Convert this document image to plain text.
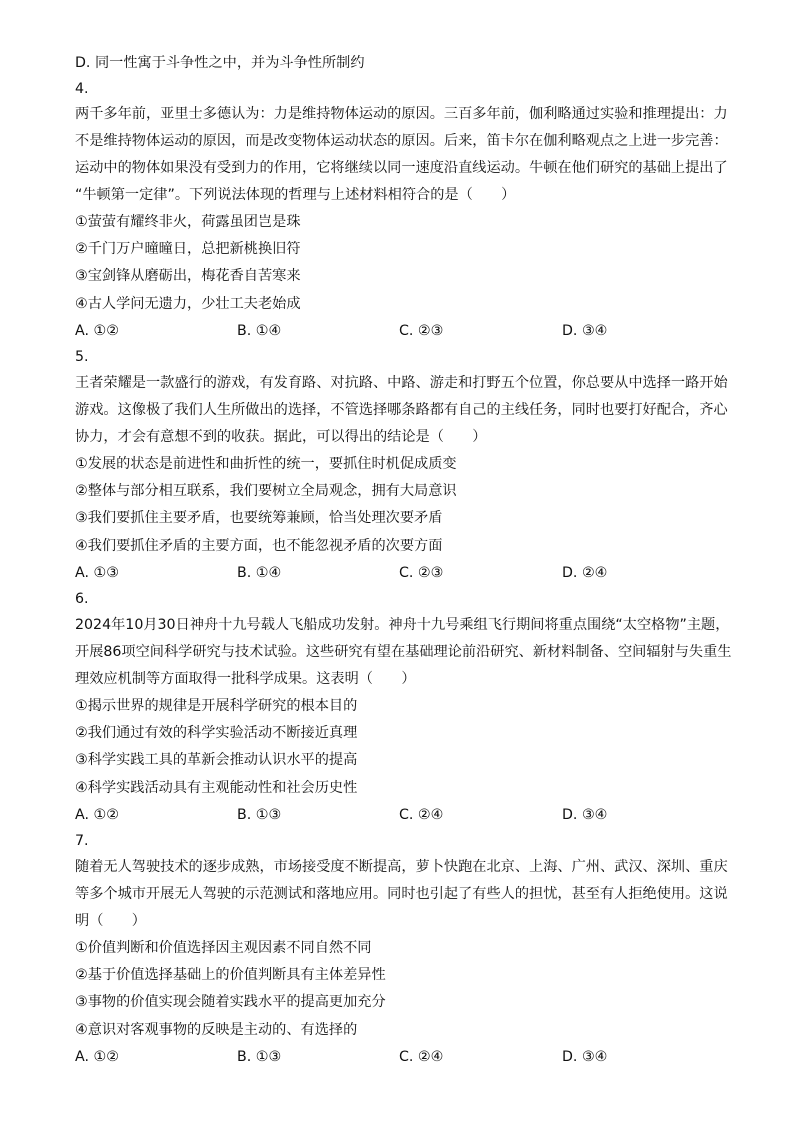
D. 同一性寓于斗争性之中，并为斗争性所制约
4.
两千多年前，亚里士多德认为：力是维持物体运动的原因。三百多年前，伽利略通过实验和推理提出：力
不是维持物体运动的原因，而是改变物体运动状态的原因。后来，笛卡尔在伽利略观点之上进一步完善：
运动中的物体如果没有受到力的作用，它将继续以同一速度沿直线运动。牛顿在他们研究的基础上提出了
“牛顿第一定律”。下列说法体现的哲理与上述材料相符合的是（　　）
①萤萤有耀终非火，荷露虽团岂是珠
②千门万户曈曈日，总把新桃换旧符
③宝剑锋从磨砺出，梅花香自苦寒来
④古人学问无遗力，少壮工夫老始成
A. ①②	B. ①④	C. ②③	D. ③④
5.
王者荣耀是一款盛行的游戏，有发育路、对抗路、中路、游走和打野五个位置，你总要从中选择一路开始
游戏。这像极了我们人生所做出的选择，不管选择哪条路都有自己的主线任务，同时也要打好配合，齐心
协力，才会有意想不到的收获。据此，可以得出的结论是（　　）
①发展的状态是前进性和曲折性的统一，要抓住时机促成质变
②整体与部分相互联系，我们要树立全局观念，拥有大局意识
③我们要抓住主要矛盾，也要统筹兼顾，恰当处理次要矛盾
④我们要抓住矛盾的主要方面，也不能忽视矛盾的次要方面
A. ①③	B. ①④	C. ②③	D. ②④
6.
2024年10月30日神舟十九号载人飞船成功发射。神舟十九号乘组飞行期间将重点围绕“太空格物”主题，
开展86项空间科学研究与技术试验。这些研究有望在基础理论前沿研究、新材料制备、空间辐射与失重生
理效应机制等方面取得一批科学成果。这表明（　　）
①揭示世界的规律是开展科学研究的根本目的
②我们通过有效的科学实验活动不断接近真理
③科学实践工具的革新会推动认识水平的提高
④科学实践活动具有主观能动性和社会历史性
A. ①②	B. ①③	C. ②④	D. ③④
7.
随着无人驾驶技术的逐步成熟，市场接受度不断提高，萝卜快跑在北京、上海、广州、武汉、深圳、重庆
等多个城市开展无人驾驶的示范测试和落地应用。同时也引起了有些人的担忧，甚至有人拒绝使用。这说
明（　　）
①价值判断和价值选择因主观因素不同自然不同
②基于价值选择基础上的价值判断具有主体差异性
③事物的价值实现会随着实践水平的提高更加充分
④意识对客观事物的反映是主动的、有选择的
A. ①②	B. ①③	C. ②④	D. ③④
